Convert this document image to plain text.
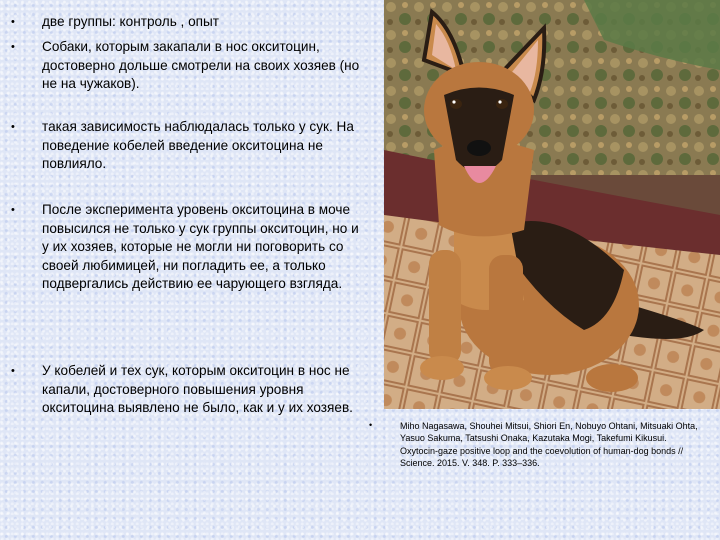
• две группы: контроль , опыт
• Собаки, которым закапали в нос окситоцин, достоверно дольше смотрели на своих хозяев (но не на чужаков).
• такая зависимость наблюдалась только у сук. На поведение кобелей введение окситоцина не повлияло.
• После эксперимента уровень окситоцина в моче повысился не только у сук группы окситоцин, но и у их хозяев, которые не могли ни поговорить со своей любимицей, ни погладить ее, а только подвергались действию ее чарующего взгляда.
• У кобелей и тех сук, которым окситоцин в нос не капали, достоверного повышения уровня окситоцина выявлено не было, как и у их хозяев.
•	Miho Nagasawa, Shouhei Mitsui, Shiori En, Nobuyo Ohtani, Mitsuaki Ohta, Yasuo Sakuma, Tatsushi Onaka, Kazutaka Mogi, Takefumi Kikusui. Oxytocin-gaze positive loop and the coevolution of human-dog bonds // Science. 2015. V. 348. P. 333–336.
